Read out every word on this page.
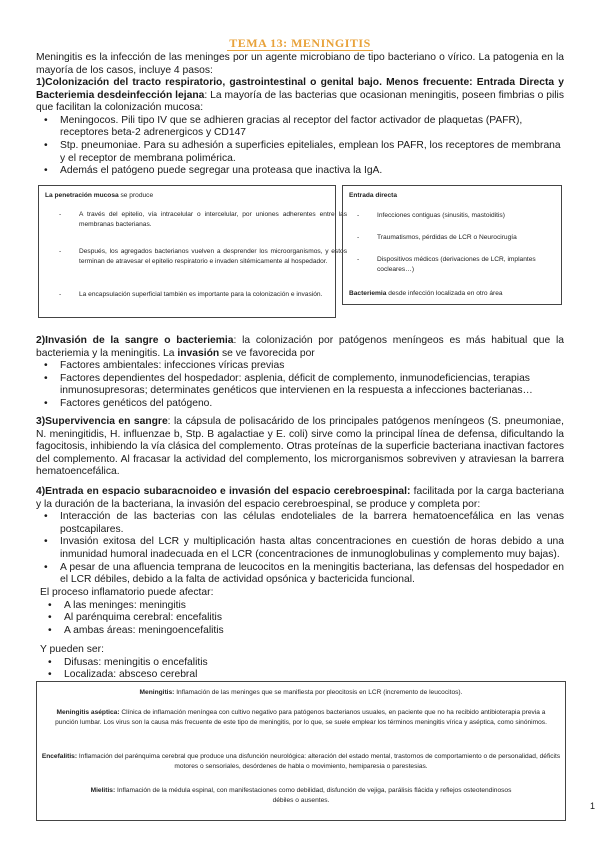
TEMA 13: MENINGITIS
Meningitis es la infección de las meninges por un agente microbiano de tipo bacteriano o vírico. La patogenia en la mayoría de los casos, incluye 4 pasos:
1)Colonización del tracto respiratorio, gastrointestinal o genital bajo. Menos frecuente: Entrada Directa y Bacteriemia desdeinfección lejana: La mayoría de las bacterias que ocasionan meningitis, poseen fimbrias o pilis que facilitan la colonización mucosa:
• Meningocos. Pili tipo IV que se adhieren gracias al receptor del factor activador de plaquetas (PAFR), receptores beta-2 adrenergicos y CD147
• Stp. pneumoniae. Para su adhesión a superficies epiteliales, emplean los PAFR, los receptores de membrana y el receptor de membrana polimérica.
• Además el patógeno puede segregar una proteasa que inactiva la IgA.
La penetración mucosa se produce
- A través del epitelio, vía intracelular o intercelular, por uniones adherentes entre las membranas bacterianas.
- Después, los agregados bacterianos vuelven a desprender los microorganismos, y estos terminan de atravesar el epitelio respiratorio e invaden sitémicamente al hospedador.
- La encapsulación superficial también es importante para la colonización e invasión.
Entrada directa
- Infecciones contiguas (sinusitis, mastoiditis)
- Traumatismos, pérdidas de LCR o Neurocirugía
- Dispositivos médicos (derivaciones de LCR, implantes cocleares…)
Bacteriemia desde infección localizada en otro área
2)Invasión de la sangre o bacteriemia: la colonización por patógenos meníngeos es más habitual que la bacteriemia y la meningitis. La invasión se ve favorecida por
• Factores ambientales: infecciones víricas previas
• Factores dependientes del hospedador: asplenia, déficit de complemento, inmunodeficiencias, terapias inmunosupresoras; determinates genéticos que intervienen en la respuesta a infecciones bacterianas…
• Factores genéticos del patógeno.
3)Supervivencia en sangre: la cápsula de polisacárido de los principales patógenos meníngeos (S. pneumoniae, N. meningitidis, H. influenzae b, Stp. B agalactiae y E. coli) sirve como la principal línea de defensa, dificultando la fagocitosis, inhibiendo la vía clásica del complemento. Otras proteínas de la superficie bacteriana inactivan factores del complemento. Al fracasar la actividad del complemento, los microrganismos sobreviven y atraviesan la barrera hematoencefálica.
4)Entrada en espacio subaracnoideo e invasión del espacio cerebroespinal: facilitada por la carga bacteriana y la duración de la bacteriana, la invasión del espacio cerebroespinal, se produce y completa por:
• Interacción de las bacterias con las células endoteliales de la barrera hematoencefálica en las venas postcapilares.
• Invasión exitosa del LCR y multiplicación hasta altas concentraciones en cuestión de horas debido a una inmunidad humoral inadecuada en el LCR (concentraciones de inmunoglobulinas y complemento muy bajas).
• A pesar de una afluencia temprana de leucocitos en la meningitis bacteriana, las defensas del hospedador en el LCR débiles, debido a la falta de actividad opsónica y bactericida funcional.
El proceso inflamatorio puede afectar:
• A las meninges: meningitis
• Al parénquima cerebral: encefalitis
• A ambas áreas: meningoencefalitis
Y pueden ser:
• Difusas: meningitis o encefalitis
• Localizada: absceso cerebral
Meningitis: Inflamación de las meninges que se manifiesta por pleocitosis en LCR (incremento de leucocitos).
Meningitis aséptica: Clínica de inflamación meníngea con cultivo negativo para patógenos bacterianos usuales, en paciente que no ha recibido antibioterapia previa a punción lumbar. Los virus son la causa más frecuente de este tipo de meningitis, por lo que, se suele emplear los términos meningitis vírica y aséptica, como sinónimos.
Encefalitis: Inflamación del parénquima cerebral que produce una disfunción neurológica: alteración del estado mental, trastornos de comportamiento o de personalidad, déficits motores o sensoriales, desórdenes de habla o movimiento, hemiparesia o parestesias.
Mielitis: Inflamación de la médula espinal, con manifestaciones como debilidad, disfunción de vejiga, parálisis flácida y reflejos osteotendinosos débiles o ausentes.
1
